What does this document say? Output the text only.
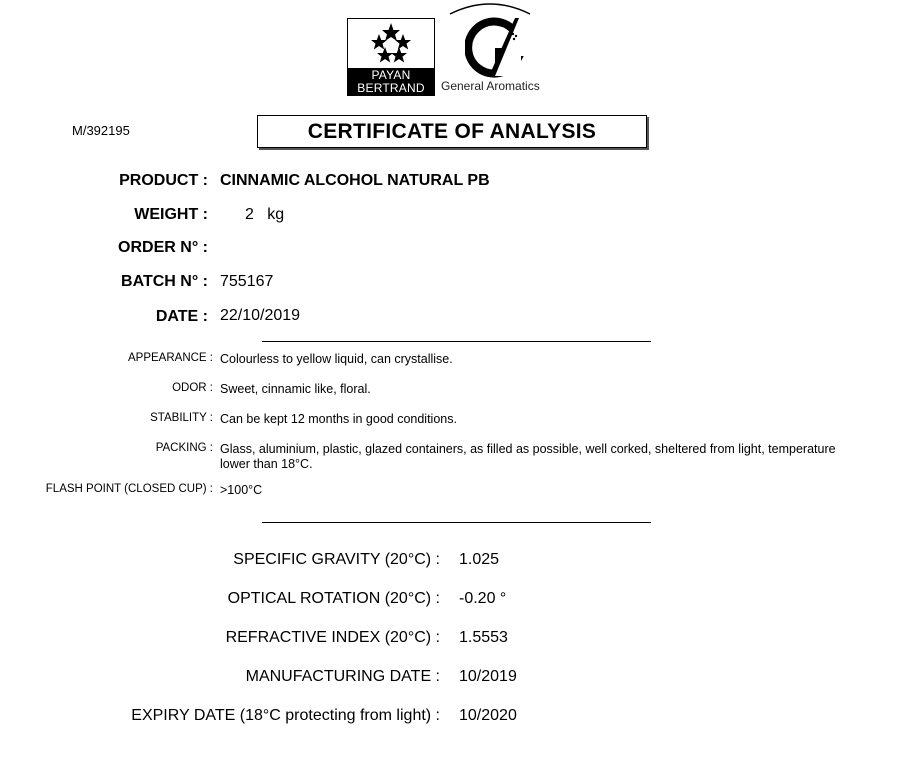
PAYAN
BERTRAND	General Aromatics
M/392195	CERTIFICATE OF ANALYSIS
PRODUCT : CINNAMIC ALCOHOL NATURAL PB
WEIGHT : 2   kg
ORDER N° :
BATCH N° : 755167
DATE : 22/10/2019
APPEARANCE : Colourless to yellow liquid, can crystallise.
ODOR : Sweet, cinnamic like, floral.
STABILITY : Can be kept 12 months in good conditions.
PACKING : Glass, aluminium, plastic, glazed containers, as filled as possible, well corked, sheltered from light, temperature lower than 18°C.
FLASH POINT (CLOSED CUP) : >100°C
SPECIFIC GRAVITY (20°C) : 1.025
OPTICAL ROTATION (20°C) : -0.20 °
REFRACTIVE INDEX (20°C) : 1.5553
MANUFACTURING DATE : 10/2019
EXPIRY DATE (18°C protecting from light) : 10/2020
